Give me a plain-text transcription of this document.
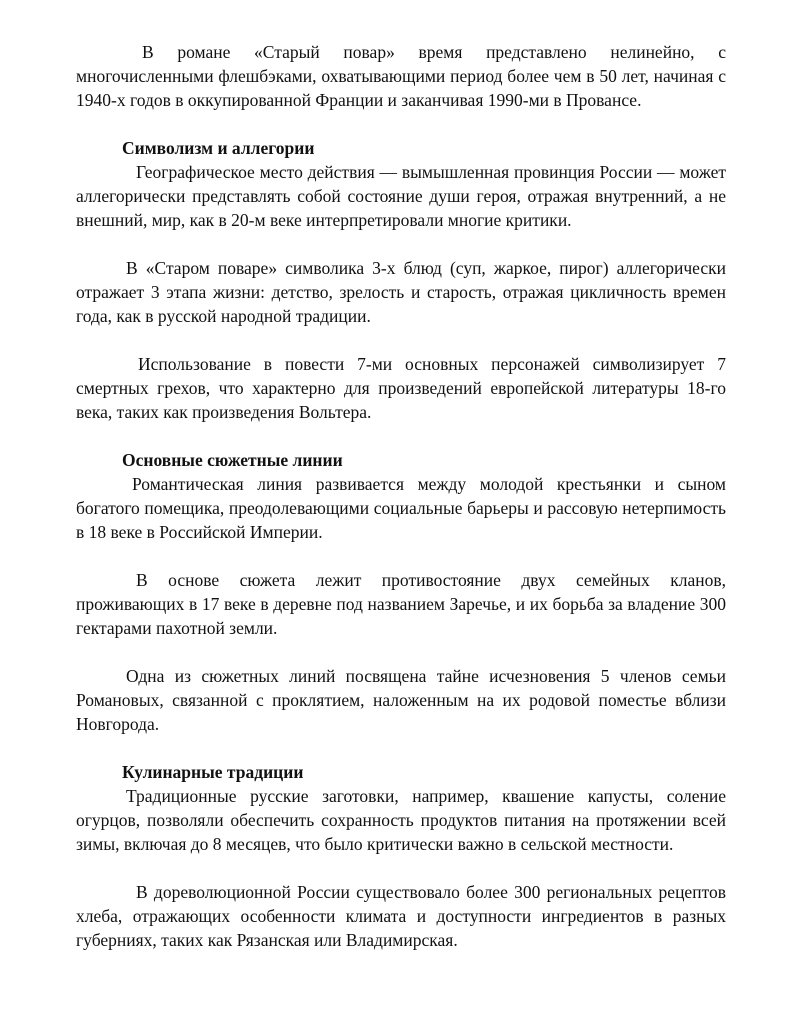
В романе «Старый повар» время представлено нелинейно, с многочисленными флешбэками, охватывающими период более чем в 50 лет, начиная с 1940-х годов в оккупированной Франции и заканчивая 1990-ми в Провансе.

Символизм и аллегории

Географическое место действия — вымышленная провинция России — может аллегорически представлять собой состояние души героя, отражая внутренний, а не внешний, мир, как в 20-м веке интерпретировали многие критики.

В «Старом поваре» символика 3-х блюд (суп, жаркое, пирог) аллегорически отражает 3 этапа жизни: детство, зрелость и старость, отражая цикличность времен года, как в русской народной традиции.

Использование в повести 7-ми основных персонажей символизирует 7 смертных грехов, что характерно для произведений европейской литературы 18-го века, таких как произведения Вольтера.

Основные сюжетные линии

Романтическая линия развивается между молодой крестьянки и сыном богатого помещика, преодолевающими социальные барьеры и рассовую нетерпимость в 18 веке в Российской Империи.

В основе сюжета лежит противостояние двух семейных кланов, проживающих в 17 веке в деревне под названием Заречье, и их борьба за владение 300 гектарами пахотной земли.

Одна из сюжетных линий посвящена тайне исчезновения 5 членов семьи Романовых, связанной с проклятием, наложенным на их родовой поместье вблизи Новгорода.

Кулинарные традиции

Традиционные русские заготовки, например, квашение капусты, соление огурцов, позволяли обеспечить сохранность продуктов питания на протяжении всей зимы, включая до 8 месяцев, что было критически важно в сельской местности.

В дореволюционной России существовало более 300 региональных рецептов хлеба, отражающих особенности климата и доступности ингредиентов в разных губерниях, таких как Рязанская или Владимирская.
